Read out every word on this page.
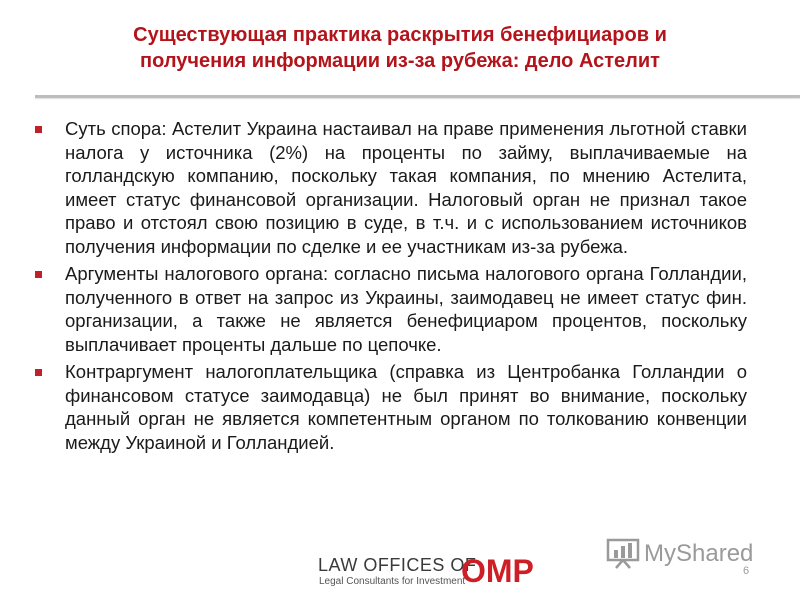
Существующая практика раскрытия бенефициаров и
получения информации из-за рубежа: дело Астелит
Суть спора: Астелит Украина настаивал на праве применения льготной ставки налога у источника (2%) на проценты по займу, выплачиваемые на голландскую компанию, поскольку такая компания, по мнению Астелита, имеет статус финансовой организации. Налоговый орган не признал такое право и отстоял свою позицию в суде, в т.ч. и с использованием источников получения информации по сделке и ее участникам из-за рубежа.
Аргументы налогового органа: согласно письма налогового органа Голландии, полученного в ответ на запрос из Украины, заимодавец не имеет статус фин. организации, а также не является бенефициаром процентов, поскольку выплачивает проценты дальше по цепочке.
Контраргумент налогоплательщика (справка из Центробанка Голландии о финансовом статусе заимодавца) не был принят во внимание, поскольку данный орган не является компетентным органом по толкованию конвенции между Украиной и Голландией.
LAW OFFICES OF
Legal Consultants for Investment
OMP	MyShared
6
